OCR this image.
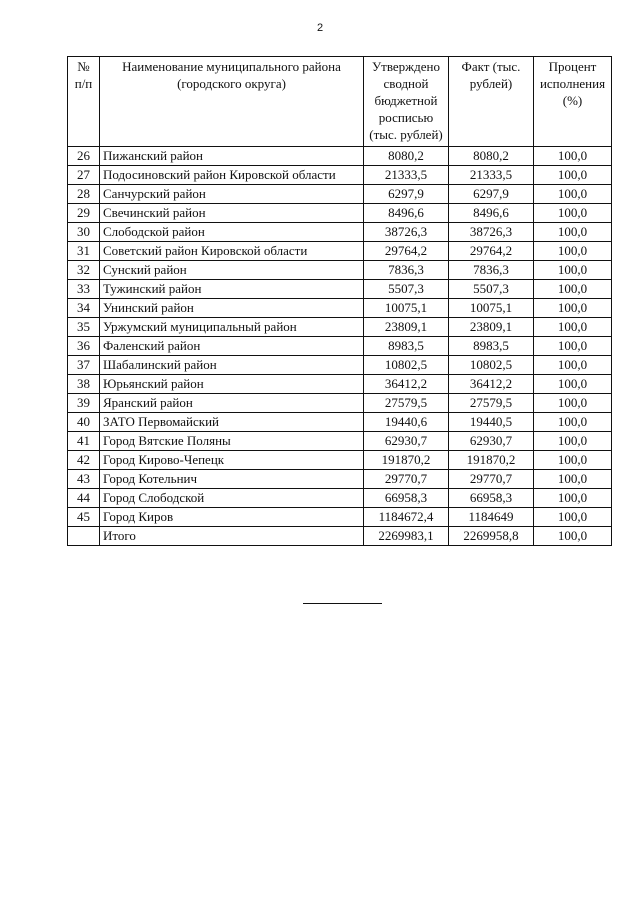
2
№ п/п	Наименование муниципального района (городского округа)	Утверждено сводной бюджетной росписью (тыс. рублей)	Факт (тыс. рублей)	Процент исполнения (%)
26	Пижанский район	8080,2	8080,2	100,0
27	Подосиновский район Кировской области	21333,5	21333,5	100,0
28	Санчурский район	6297,9	6297,9	100,0
29	Свечинский район	8496,6	8496,6	100,0
30	Слободской район	38726,3	38726,3	100,0
31	Советский район Кировской области	29764,2	29764,2	100,0
32	Сунский район	7836,3	7836,3	100,0
33	Тужинский район	5507,3	5507,3	100,0
34	Унинский район	10075,1	10075,1	100,0
35	Уржумский муниципальный район	23809,1	23809,1	100,0
36	Фаленский район	8983,5	8983,5	100,0
37	Шабалинский район	10802,5	10802,5	100,0
38	Юрьянский район	36412,2	36412,2	100,0
39	Яранский район	27579,5	27579,5	100,0
40	ЗАТО Первомайский	19440,6	19440,5	100,0
41	Город Вятские Поляны	62930,7	62930,7	100,0
42	Город Кирово-Чепецк	191870,2	191870,2	100,0
43	Город Котельнич	29770,7	29770,7	100,0
44	Город Слободской	66958,3	66958,3	100,0
45	Город Киров	1184672,4	1184649	100,0
	Итого	2269983,1	2269958,8	100,0
